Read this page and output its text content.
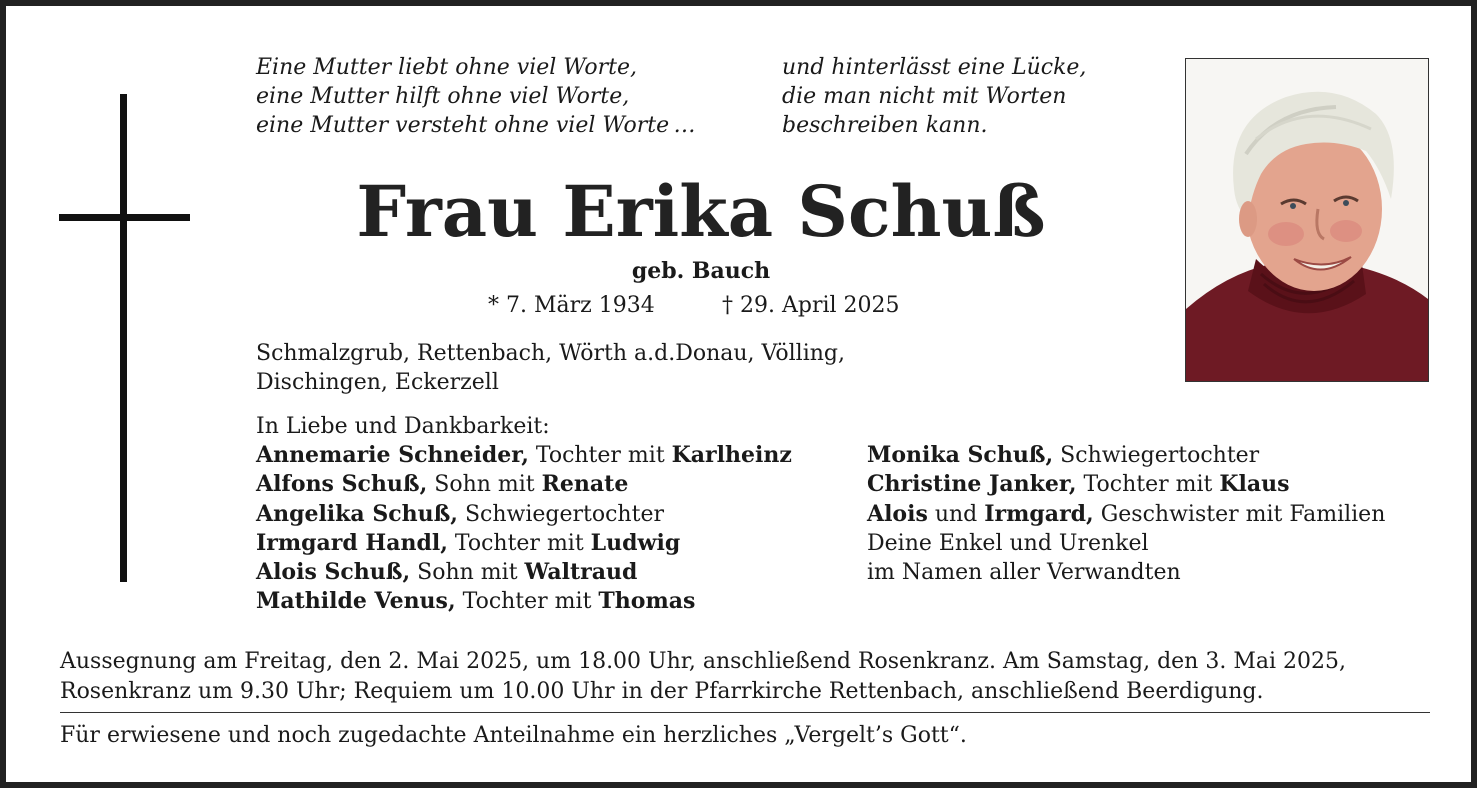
Eine Mutter liebt ohne viel Worte,
eine Mutter hilft ohne viel Worte,
eine Mutter versteht ohne viel Worte …
und hinterlässt eine Lücke,
die man nicht mit Worten
beschreiben kann.
Frau Erika Schuß
geb. Bauch
* 7. März 1934	† 29. April 2025
Schmalzgrub, Rettenbach, Wörth a.d.Donau, Völling,
Dischingen, Eckerzell
In Liebe und Dankbarkeit:
Annemarie Schneider, Tochter mit Karlheinz
Alfons Schuß, Sohn mit Renate
Angelika Schuß, Schwiegertochter
Irmgard Handl, Tochter mit Ludwig
Alois Schuß, Sohn mit Waltraud
Mathilde Venus, Tochter mit Thomas
Monika Schuß, Schwiegertochter
Christine Janker, Tochter mit Klaus
Alois und Irmgard, Geschwister mit Familien
Deine Enkel und Urenkel
im Namen aller Verwandten
Aussegnung am Freitag, den 2. Mai 2025, um 18.00 Uhr, anschließend Rosenkranz. Am Samstag, den 3. Mai 2025,
Rosenkranz um 9.30 Uhr; Requiem um 10.00 Uhr in der Pfarrkirche Rettenbach, anschließend Beerdigung.
Für erwiesene und noch zugedachte Anteilnahme ein herzliches „Vergelt’s Gott“.
